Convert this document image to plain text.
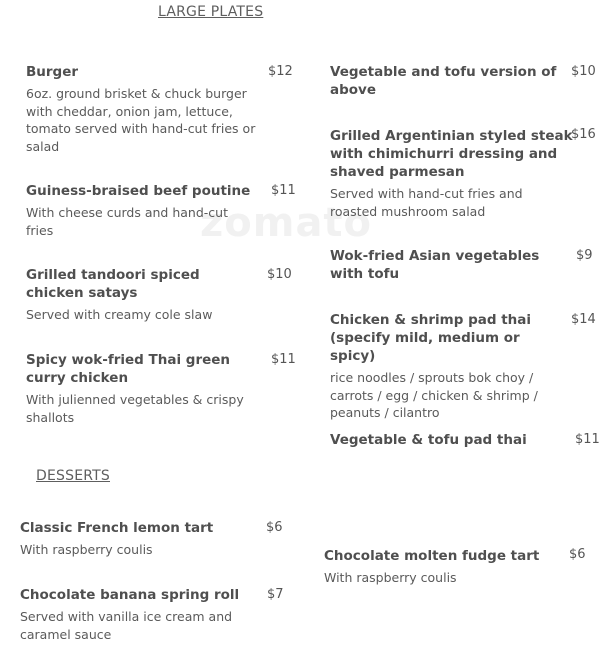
zomato
LARGE PLATES
Burger
6oz. ground brisket & chuck burger with cheddar, onion jam, lettuce, tomato served with hand-cut fries or salad
$12
Guiness-braised beef poutine
With cheese curds and hand-cut fries
$11
Grilled tandoori spiced chicken satays
Served with creamy cole slaw
$10
Spicy wok-fried Thai green curry chicken
With julienned vegetables & crispy shallots
$11
Vegetable and tofu version of above
$10
Grilled Argentinian styled steak with chimichurri dressing and shaved parmesan
Served with hand-cut fries and roasted mushroom salad
$16
Wok-fried Asian vegetables with tofu
$9
Chicken & shrimp pad thai (specify mild, medium or spicy)
rice noodles / sprouts bok choy / carrots / egg / chicken & shrimp / peanuts / cilantro
$14
Vegetable & tofu pad thai	$11
DESSERTS
Classic French lemon tart
With raspberry coulis
$6
Chocolate banana spring roll
Served with vanilla ice cream and caramel sauce
$7
Chocolate molten fudge tart
With raspberry coulis
$6
